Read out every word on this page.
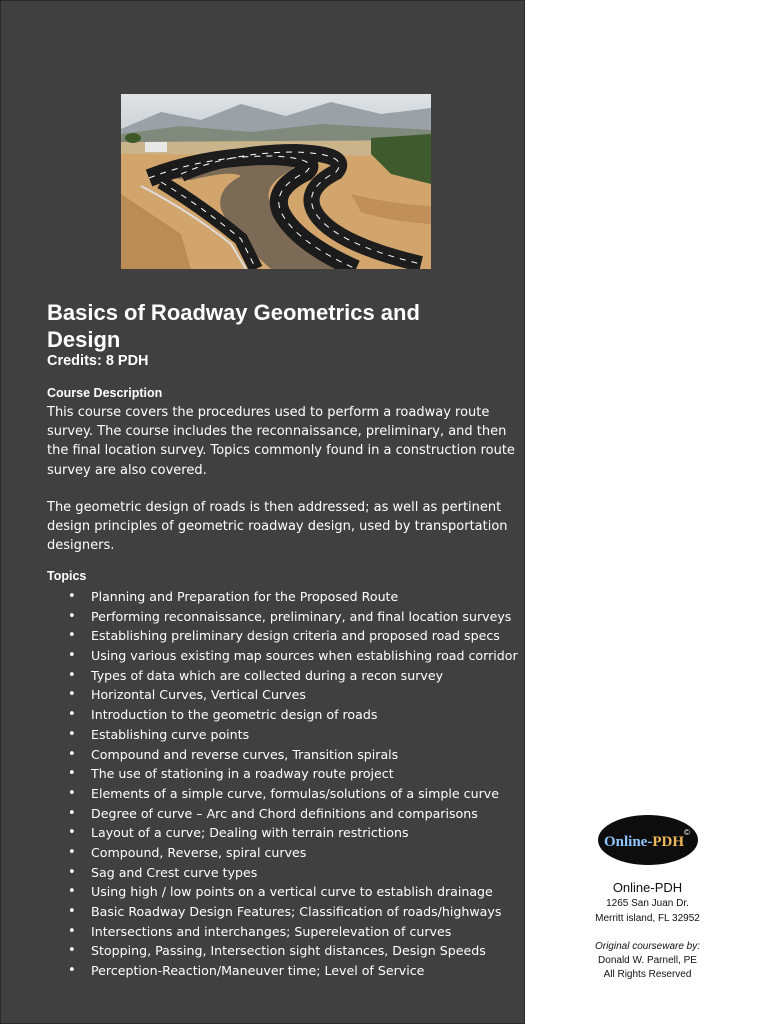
Basics of Roadway Geometrics and Design
Credits: 8 PDH
Course Description

This course covers the procedures used to perform a roadway route survey. The course includes the reconnaissance, preliminary, and then the final location survey. Topics commonly found in a construction route survey are also covered.

The geometric design of roads is then addressed; as well as pertinent design principles of geometric roadway design, used by transportation designers.

Topics
• Planning and Preparation for the Proposed Route
• Performing reconnaissance, preliminary, and final location surveys
• Establishing preliminary design criteria and proposed road specs
• Using various existing map sources when establishing road corridor
• Types of data which are collected during a recon survey
• Horizontal Curves, Vertical Curves
• Introduction to the geometric design of roads
• Establishing curve points
• Compound and reverse curves, Transition spirals
• The use of stationing in a roadway route project
• Elements of a simple curve, formulas/solutions of a simple curve
• Degree of curve – Arc and Chord definitions and comparisons
• Layout of a curve; Dealing with terrain restrictions
• Compound, Reverse, spiral curves
• Sag and Crest curve types
• Using high / low points on a vertical curve to establish drainage
• Basic Roadway Design Features; Classification of roads/highways
• Intersections and interchanges; Superelevation of curves
• Stopping, Passing, Intersection sight distances, Design Speeds
• Perception-Reaction/Maneuver time; Level of Service
Online-PDH
©
Online-PDH
1265 San Juan Dr.
Merritt island, FL 32952
Original courseware by:
Donald W. Parnell, PE
All Rights Reserved
